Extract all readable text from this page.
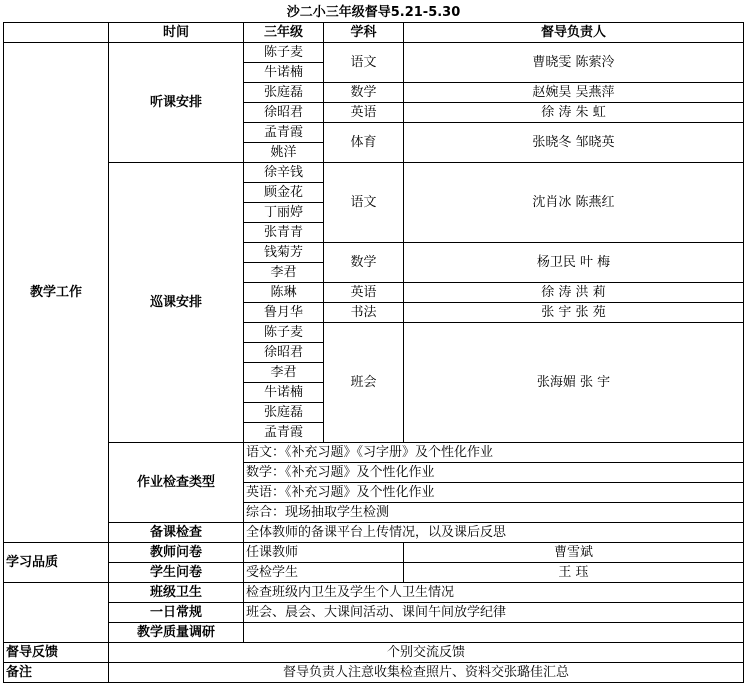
沙二小三年级督导5.21-5.30				
	时间	三年级	学科	督导负责人
教学工作	听课安排	陈子麦	语文	曹晓雯 陈萦泠
		牛诺楠		
		张庭磊	数学	赵婉昊 吴燕萍
		徐昭君	英语	徐 涛 朱 虹
		孟青霞	体育	张晓冬 邹晓英
		姚洋		
	巡课安排	徐辛钱	语文	沈肖冰 陈燕红
		顾金花		
		丁丽婷		
		张青青		
		钱菊芳	数学	杨卫民 叶 梅
		李君		
		陈琳	英语	徐 涛 洪 莉
		鲁月华	书法	张 宇 张 苑
		陈子麦	班会	张海媚 张 宇
		徐昭君		
		李君		
		牛诺楠		
		张庭磊		
		孟青霞		
	作业检查类型	语文：《补充习题》《习字册》及个性化作业		
		数学：《补充习题》及个性化作业		
		英语：《补充习题》及个性化作业		
		综合：现场抽取学生检测		
	备课检查	全体教师的备课平台上传情况，以及课后反思		
学习品质	教师问卷	任课教师		曹雪斌
	学生问卷	受检学生		王 珏
	班级卫生	检查班级内卫生及学生个人卫生情况		
	一日常规	班会、晨会、大课间活动、课间午间放学纪律		
	教学质量调研			
督导反馈	个别交流反馈			
备注	督导负责人注意收集检查照片、资料交张璐佳汇总			
